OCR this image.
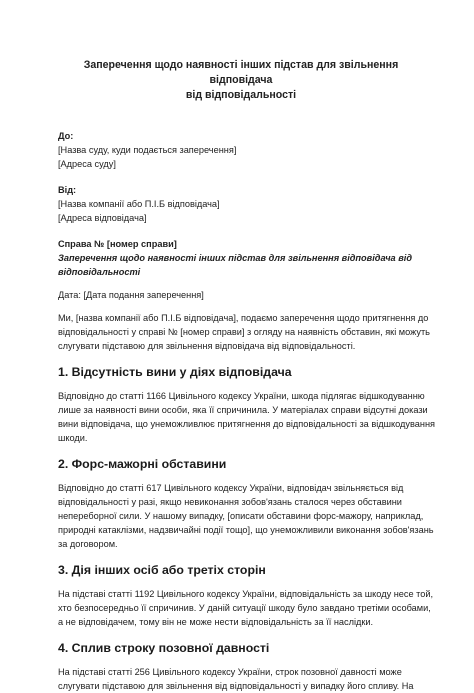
Заперечення щодо наявності інших підстав для звільнення відповідача
від відповідальності
До:
[Назва суду, куди подається заперечення]
[Адреса суду]
Від:
[Назва компанії або П.І.Б відповідача]
[Адреса відповідача]
Справа № [номер справи]
Заперечення щодо наявності інших підстав для звільнення відповідача від
відповідальності

Дата: [Дата подання заперечення]

Ми, [назва компанії або П.І.Б відповідача], подаємо заперечення щодо притягнення до
відповідальності у справі № [номер справи] з огляду на наявність обставин, які можуть
слугувати підставою для звільнення відповідача від відповідальності.

1. Відсутність вини у діях відповідача

Відповідно до статті 1166 Цивільного кодексу України, шкода підлягає відшкодуванню
лише за наявності вини особи, яка її спричинила. У матеріалах справи відсутні докази
вини відповідача, що унеможливлює притягнення до відповідальності за відшкодування
шкоди.

2. Форс-мажорні обставини

Відповідно до статті 617 Цивільного кодексу України, відповідач звільняється від
відповідальності у разі, якщо невиконання зобов'язань сталося через обставини
непереборної сили. У нашому випадку, [описати обставини форс-мажору, наприклад,
природні катаклізми, надзвичайні події тощо], що унеможливили виконання зобов'язань
за договором.

3. Дія інших осіб або третіх сторін

На підставі статті 1192 Цивільного кодексу України, відповідальність за шкоду несе той,
хто безпосередньо її спричинив. У даній ситуації шкоду було завдано третіми особами,
а не відповідачем, тому він не може нести відповідальність за її наслідки.

4. Сплив строку позовної давності

На підставі статті 256 Цивільного кодексу України, строк позовної давності може
слугувати підставою для звільнення від відповідальності у випадку його спливу. На
